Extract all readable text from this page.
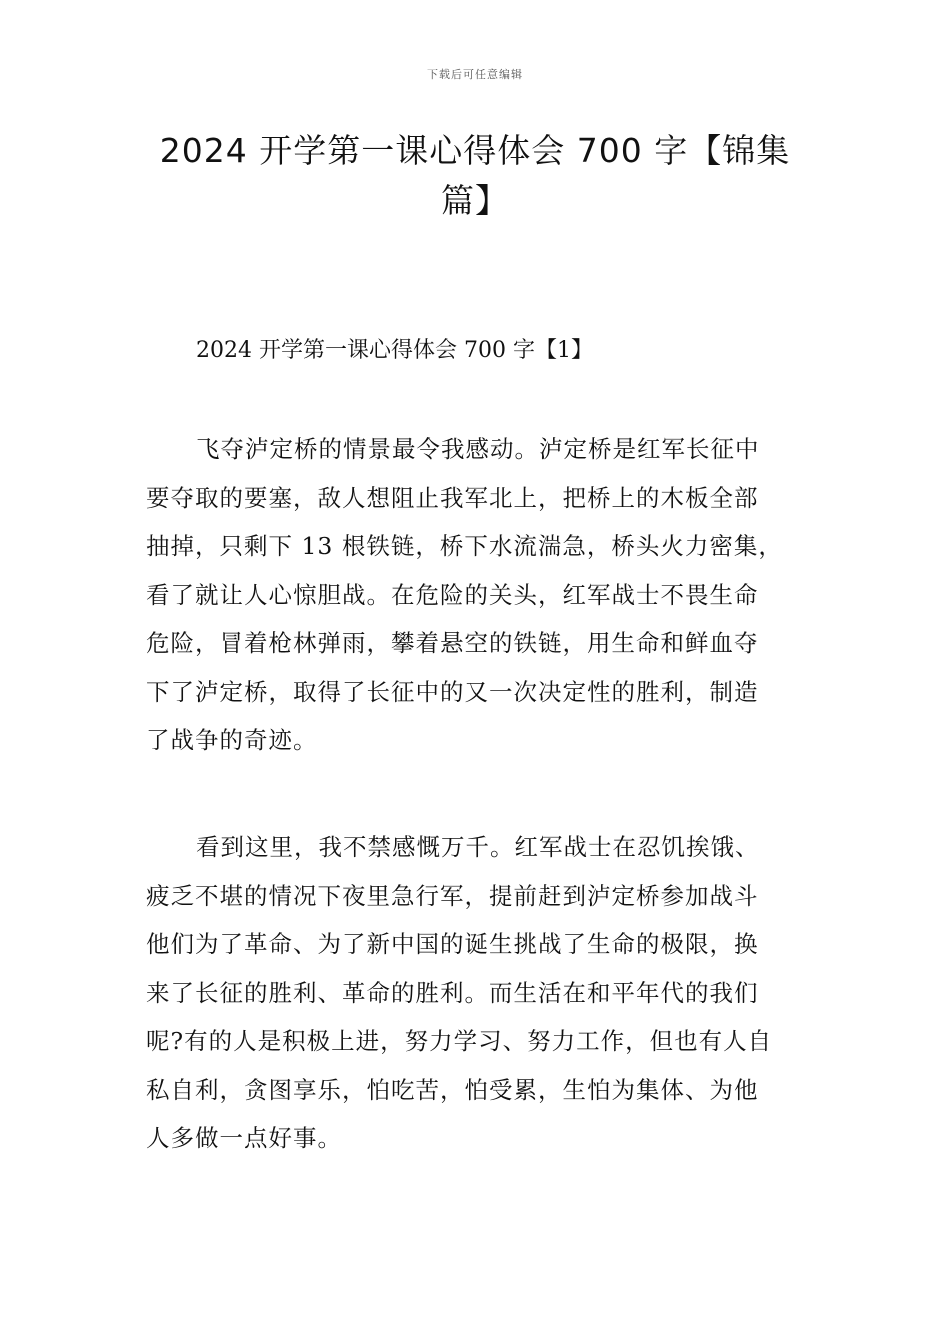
下载后可任意编辑
2024 开学第一课心得体会 700 字【锦集
篇】
2024 开学第一课心得体会 700 字【1】
飞夺泸定桥的情景最令我感动。泸定桥是红军长征中
要夺取的要塞，敌人想阻止我军北上，把桥上的木板全部
抽掉，只剩下 13 根铁链，桥下水流湍急，桥头火力密集，
看了就让人心惊胆战。在危险的关头，红军战士不畏生命
危险，冒着枪林弹雨，攀着悬空的铁链，用生命和鲜血夺
下了泸定桥，取得了长征中的又一次决定性的胜利，制造
了战争的奇迹。
看到这里，我不禁感慨万千。红军战士在忍饥挨饿、
疲乏不堪的情况下夜里急行军，提前赶到泸定桥参加战斗
他们为了革命、为了新中国的诞生挑战了生命的极限，换
来了长征的胜利、革命的胜利。而生活在和平年代的我们
呢?有的人是积极上进，努力学习、努力工作，但也有人自
私自利，贪图享乐，怕吃苦，怕受累，生怕为集体、为他
人多做一点好事。
